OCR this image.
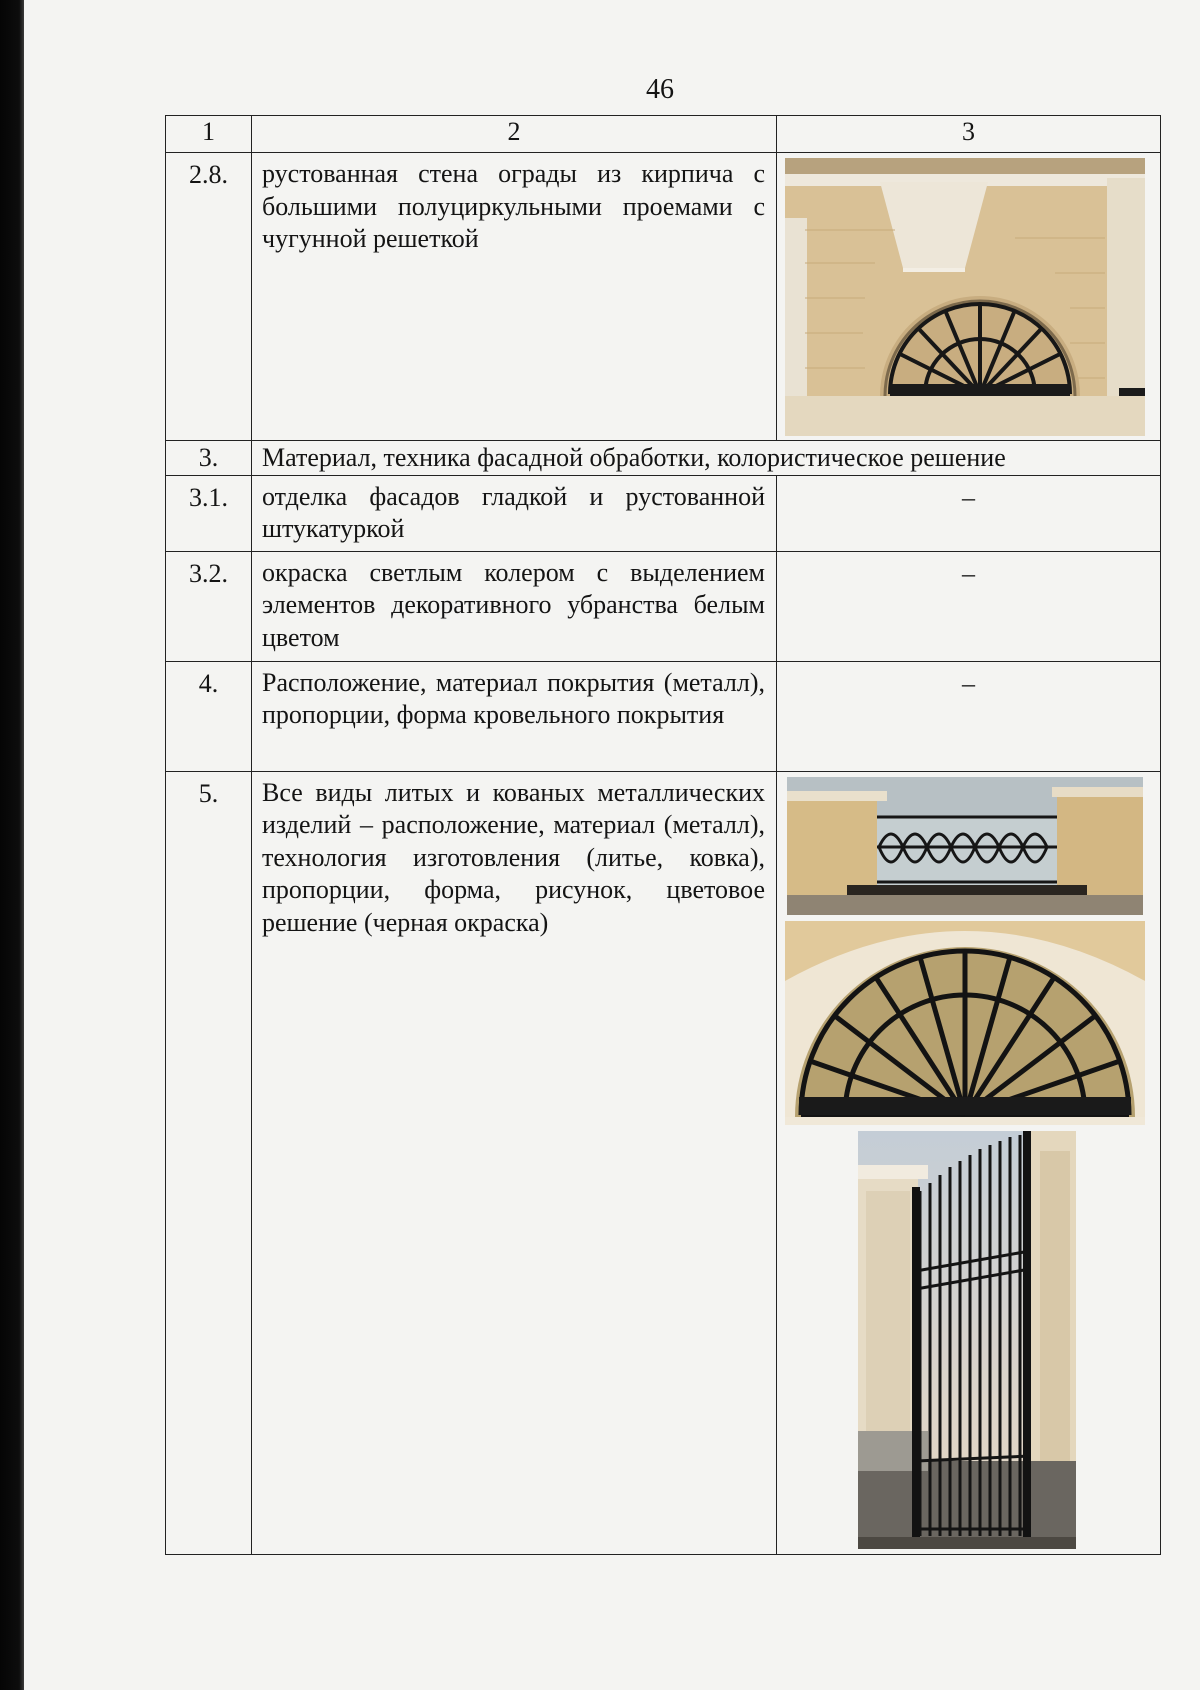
46
1	2	3
2.8.	рустованная стена ограды из кирпича с большими полуциркульными проемами с чугунной решеткой	

3.	Материал, техника фасадной обработки, колористическое решение	
3.1.	отделка фасадов гладкой и рустованной штукатуркой	–
3.2.	окраска светлым колером с выделением элементов декоративного убранства белым цветом	–
4.	Расположение, материал покрытия (металл), пропорции, форма кровельного покрытия	–
5.	Все виды литых и кованых металлических изделий – расположение, материал (металл), технология изготовления (литье, ковка), пропорции, форма, рисунок, цветовое решение (черная окраска)	
